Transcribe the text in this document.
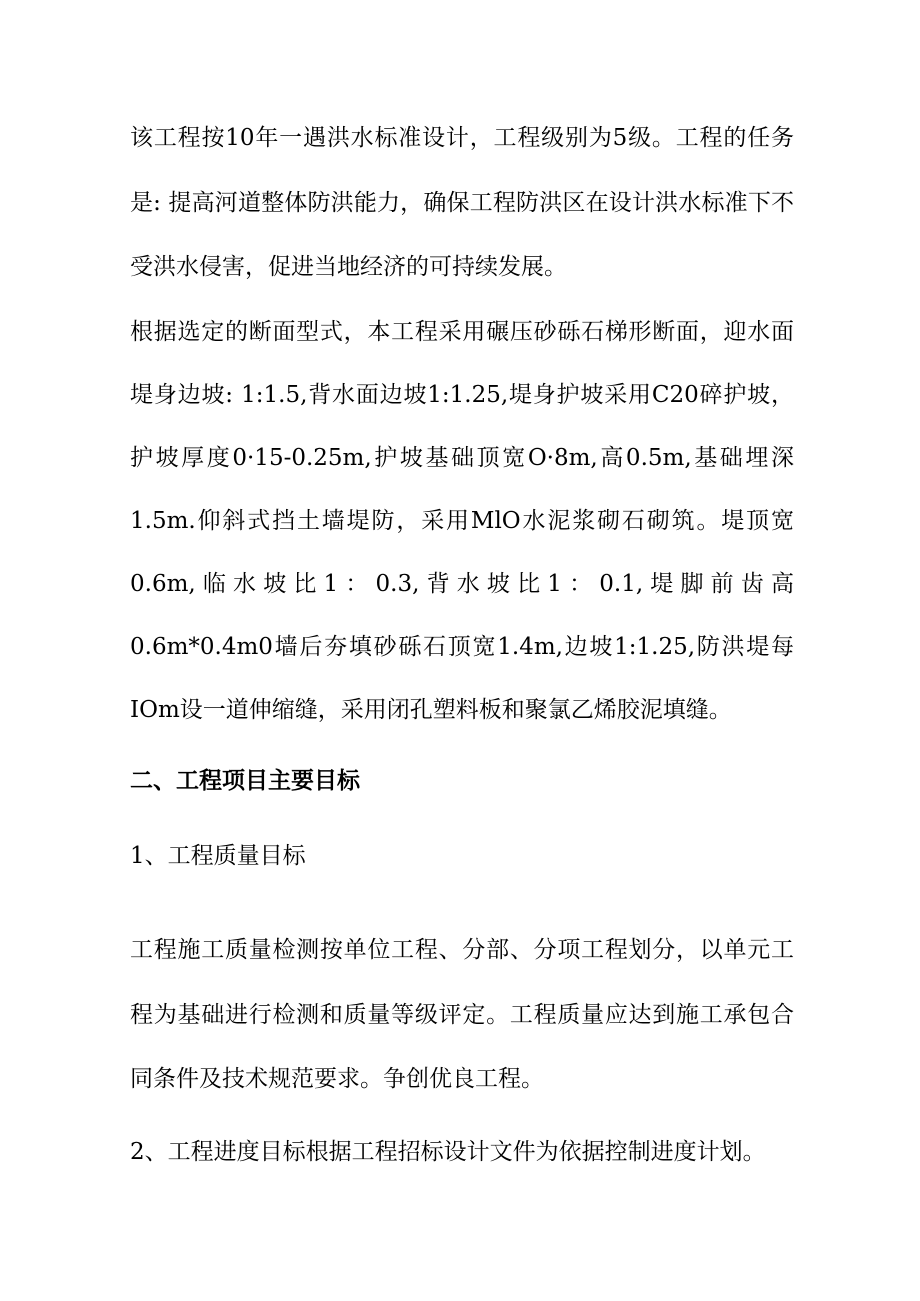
该工程按10年一遇洪水标准设计，工程级别为5级。工程的任务是: 提高河道整体防洪能力，确保工程防洪区在设计洪水标准下不受洪水侵害，促进当地经济的可持续发展。

根据选定的断面型式，本工程采用碾压砂砾石梯形断面，迎水面堤身边坡: 1:1.5,背水面边坡1:1.25,堤身护坡采用C20碎护坡，护坡厚度0·15-0.25m,护坡基础顶宽O·8m,高0.5m,基础埋深1.5m.仰斜式挡土墙堤防，采用MlO水泥浆砌石砌筑。堤顶宽0.6m,临水坡比1：0.3,背水坡比1：0.1,堤脚前齿高0.6m*0.4m0墙后夯填砂砾石顶宽1.4m,边坡1:1.25,防洪堤每IOm设一道伸缩缝，采用闭孔塑料板和聚氯乙烯胶泥填缝。

二、工程项目主要目标

1、工程质量目标

工程施工质量检测按单位工程、分部、分项工程划分，以单元工程为基础进行检测和质量等级评定。工程质量应达到施工承包合同条件及技术规范要求。争创优良工程。

2、工程进度目标根据工程招标设计文件为依据控制进度计划。
